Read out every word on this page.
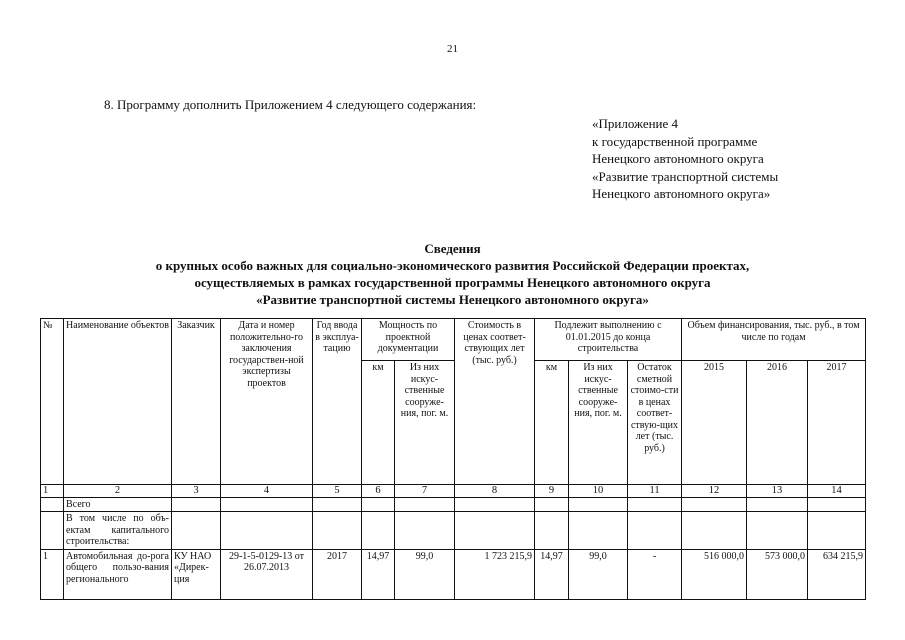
21
8. Программу дополнить Приложением 4 следующего содержания:
«Приложение 4
к государственной программе
Ненецкого автономного округа
«Развитие транспортной системы
Ненецкого автономного округа»
Сведения
о крупных особо важных для социально-экономического развития Российской Федерации проектах,
осуществляемых в рамках государственной программы Ненецкого автономного округа
«Развитие транспортной системы Ненецкого автономного округа»
№	Наименование объектов	Заказчик	Дата и номер положительно-го заключения государствен-ной экспертизы проектов	Год ввода в эксплуа-тацию	Мощность по проектной документации		Стоимость в ценах соответ-ствующих лет (тыс. руб.)	Подлежит выполнению с 01.01.2015 до конца строительства			Объем финансирования, тыс. руб., в том числе по годам		
					км	Из них искус-ственные сооруже-ния, пог. м.		км	Из них искус-ственные сооруже-ния, пог. м.	Остаток сметной стоимо-сти в ценах соответ-ствую-щих лет (тыс. руб.)	2015	2016	2017
1	2	3	4	5	6	7	8	9	10	11	12	13	14
	Всего												
	В том числе по объ-ектам капитального строительства:												
1	Автомобильная до-рога общего пользо-вания регионального	КУ НАО «Дирек-ция	29-1-5-0129-13 от 26.07.2013	2017	14,97	99,0	1 723 215,9	14,97	99,0	-	516 000,0	573 000,0	634 215,9
